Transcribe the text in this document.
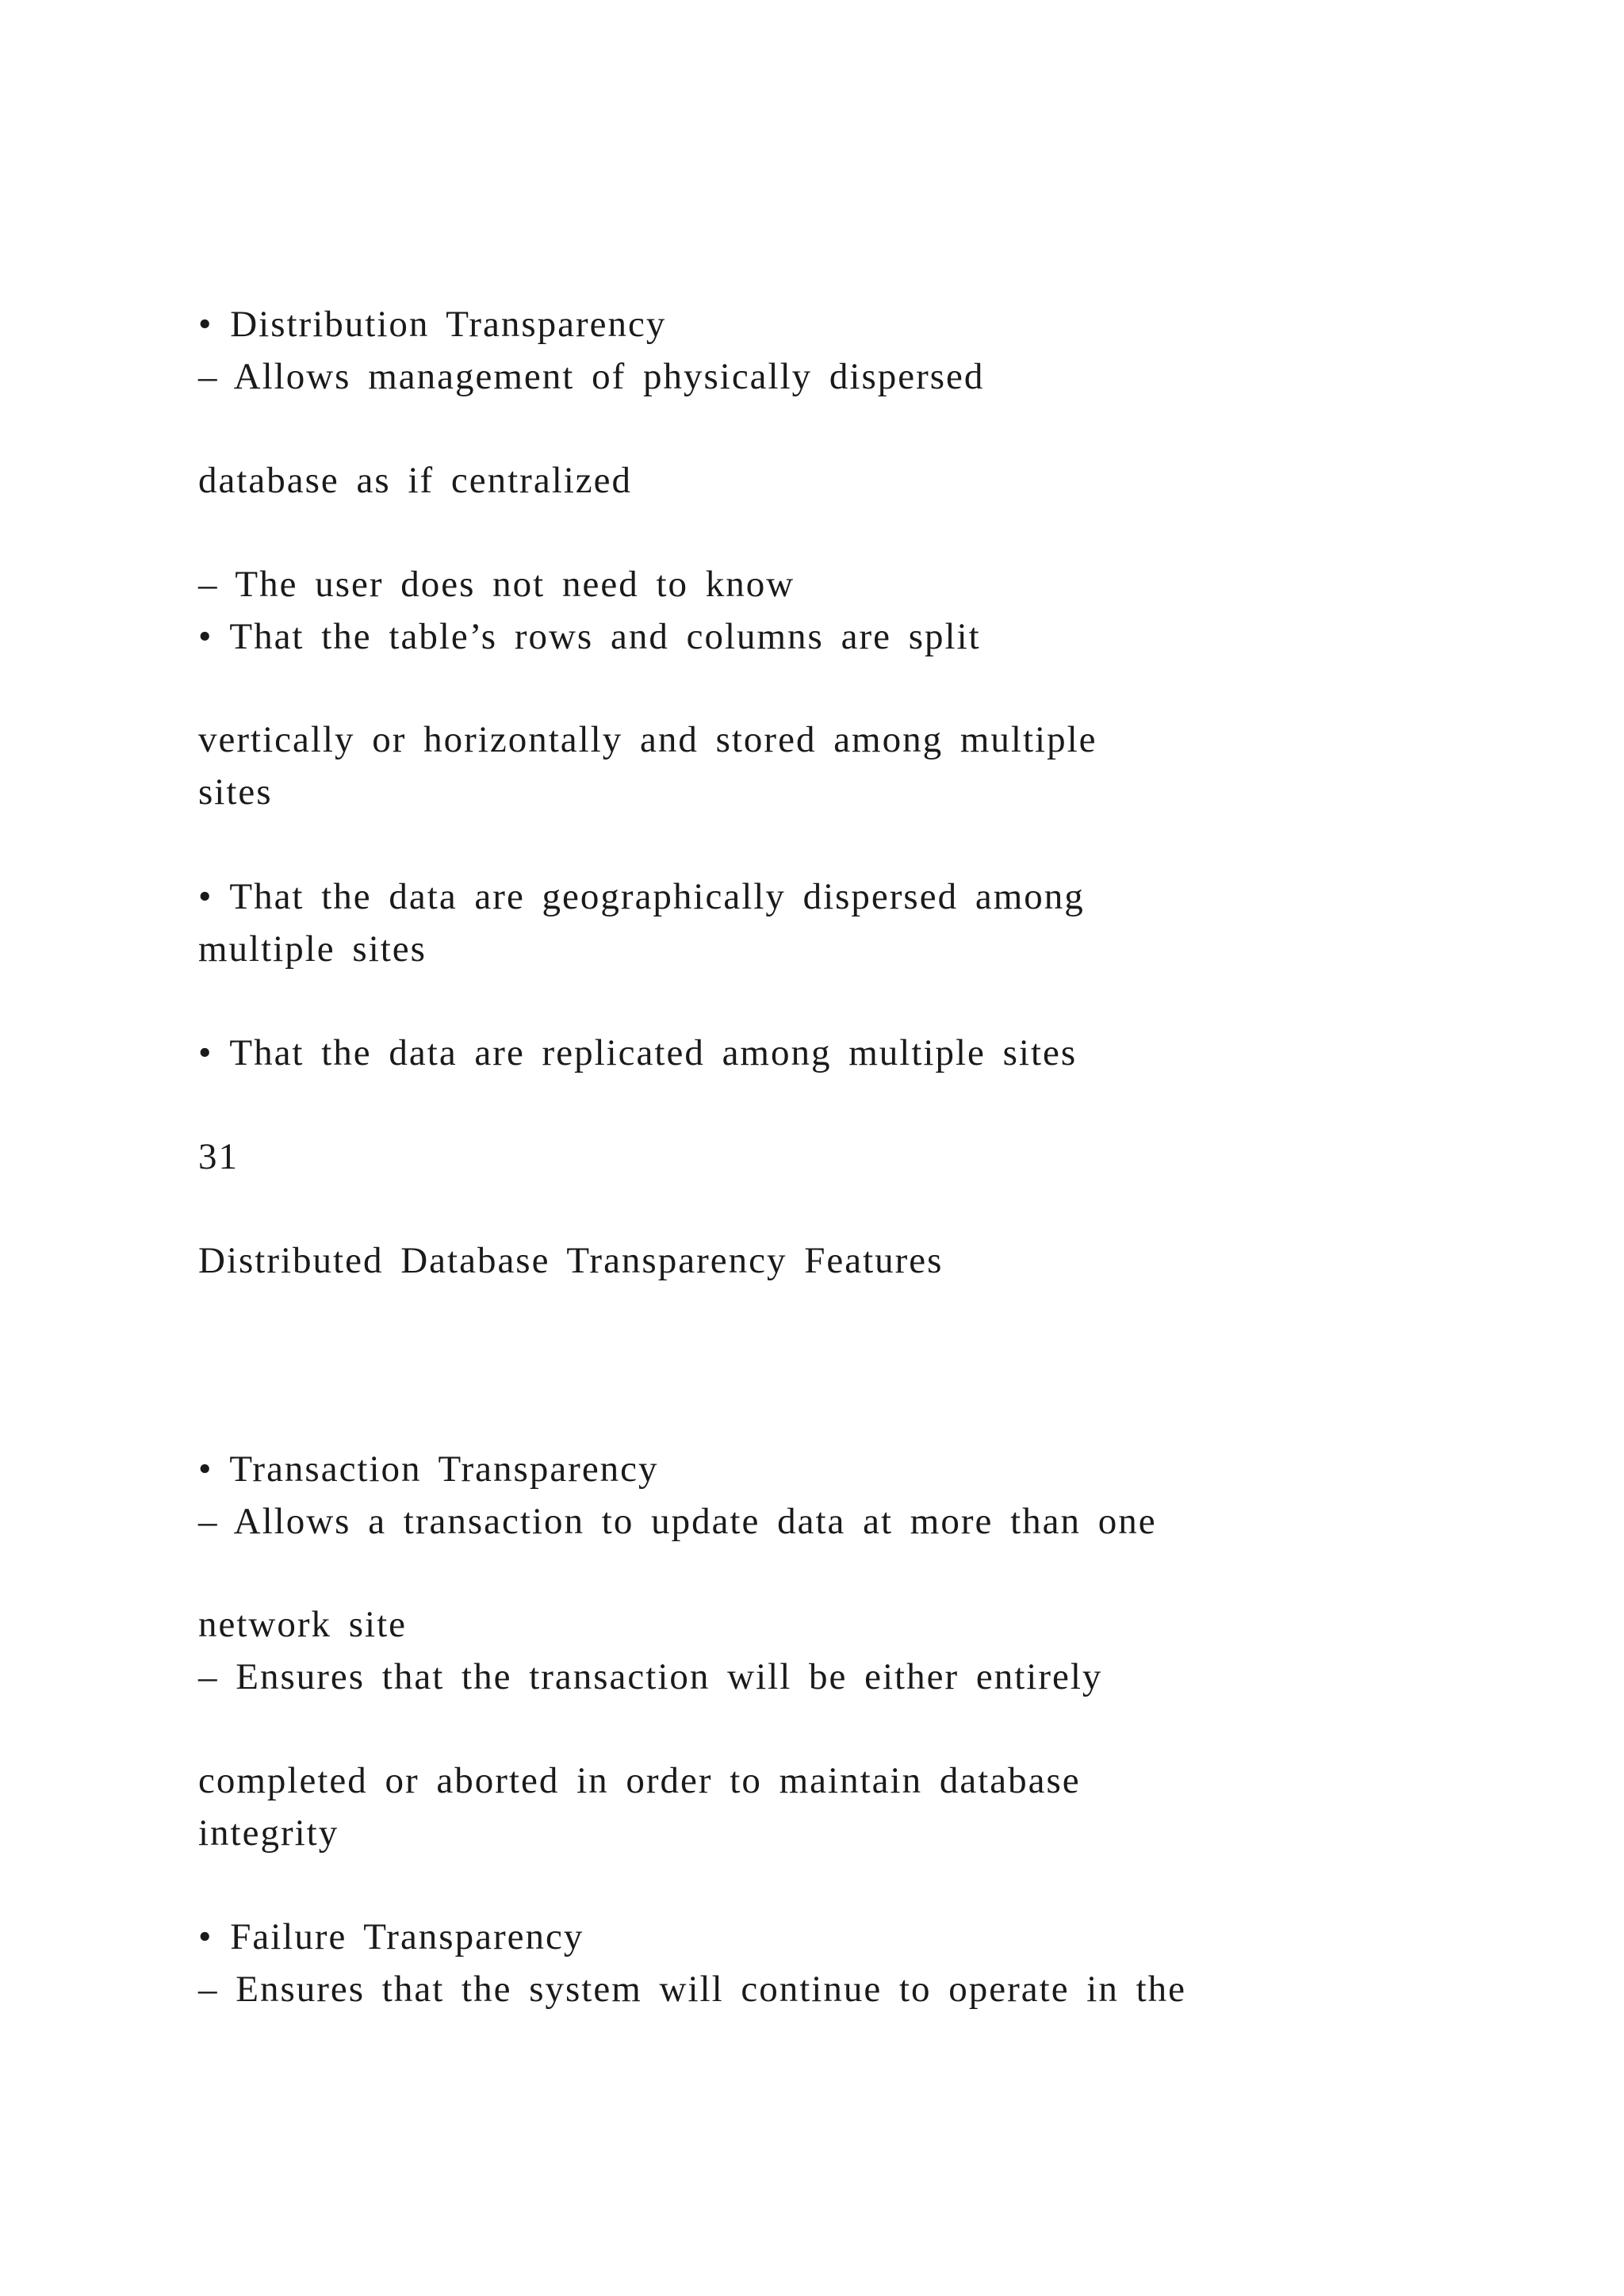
• Distribution Transparency
– Allows management of physically dispersed
database as if centralized
– The user does not need to know
• That the table’s rows and columns are split
vertically or horizontally and stored among multiple
sites
• That the data are geographically dispersed among
multiple sites
• That the data are replicated among multiple sites
31
Distributed Database Transparency Features
• Transaction Transparency
– Allows a transaction to update data at more than one
network site
– Ensures that the transaction will be either entirely
completed or aborted in order to maintain database
integrity
• Failure Transparency
– Ensures that the system will continue to operate in the
